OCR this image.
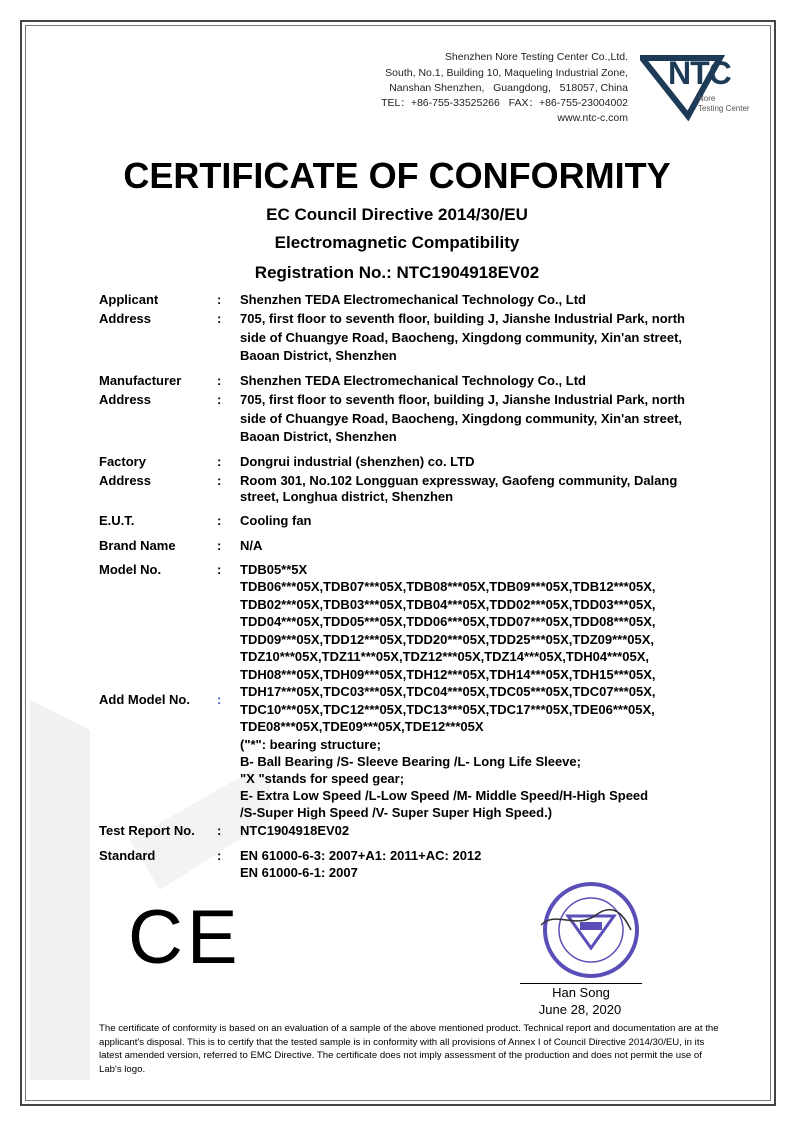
Shenzhen Nore Testing Center Co.,Ltd.
South, No.1, Building 10, Maqueling Industrial Zone,
Nanshan Shenzhen,   Guangdong,   518057, China
TEL：+86-755-33525266   FAX：+86-755-23004002
www.ntc-c.com
NTC
Nore
Testing Center
CERTIFICATE OF CONFORMITY
EC Council Directive 2014/30/EU
Electromagnetic Compatibility
Registration No.: NTC1904918EV02
Applicant	: Shenzhen TEDA Electromechanical Technology Co., Ltd
Address	: 705, first floor to seventh floor, building J, Jianshe Industrial Park, north
side of Chuangye Road, Baocheng, Xingdong community, Xin'an street,
Baoan District, Shenzhen
Manufacturer	: Shenzhen TEDA Electromechanical Technology Co., Ltd
Address	: 705, first floor to seventh floor, building J, Jianshe Industrial Park, north
side of Chuangye Road, Baocheng, Xingdong community, Xin'an street,
Baoan District, Shenzhen
Factory	: Dongrui industrial (shenzhen) co. LTD
Address	: Room 301, No.102 Longguan expressway, Gaofeng community, Dalang
street, Longhua district, Shenzhen
E.U.T.	: Cooling fan
Brand Name	: N/A
Model No.	: TDB05**5X
TDB06***05X,TDB07***05X,TDB08***05X,TDB09***05X,TDB12***05X,
TDB02***05X,TDB03***05X,TDB04***05X,TDD02***05X,TDD03***05X,
TDD04***05X,TDD05***05X,TDD06***05X,TDD07***05X,TDD08***05X,
TDD09***05X,TDD12***05X,TDD20***05X,TDD25***05X,TDZ09***05X,
TDZ10***05X,TDZ11***05X,TDZ12***05X,TDZ14***05X,TDH04***05X,
TDH08***05X,TDH09***05X,TDH12***05X,TDH14***05X,TDH15***05X,
TDH17***05X,TDC03***05X,TDC04***05X,TDC05***05X,TDC07***05X,
TDC10***05X,TDC12***05X,TDC13***05X,TDC17***05X,TDE06***05X,
TDE08***05X,TDE09***05X,TDE12***05X
Add Model No. :
("*": bearing structure;
B- Ball Bearing /S- Sleeve Bearing /L- Long Life Sleeve;
"X "stands for speed gear;
E- Extra Low Speed /L-Low Speed /M- Middle Speed/H-High Speed
/S-Super High Speed /V- Super Super High Speed.)
Test Report No. : NTC1904918EV02
Standard	: EN 61000-6-3: 2007+A1: 2011+AC: 2012
EN 61000-6-1: 2007
CE
Han Song
June 28, 2020
The certificate of conformity is based on an evaluation of a sample of the above mentioned product. Technical report and documentation are at the applicant's disposal. This is to certify that the tested sample is in conformity with all provisions of Annex I of Council Directive 2014/30/EU, in its latest amended version, referred to EMC Directive. The certificate does not imply assessment of the production and does not permit the use of Lab's logo.
